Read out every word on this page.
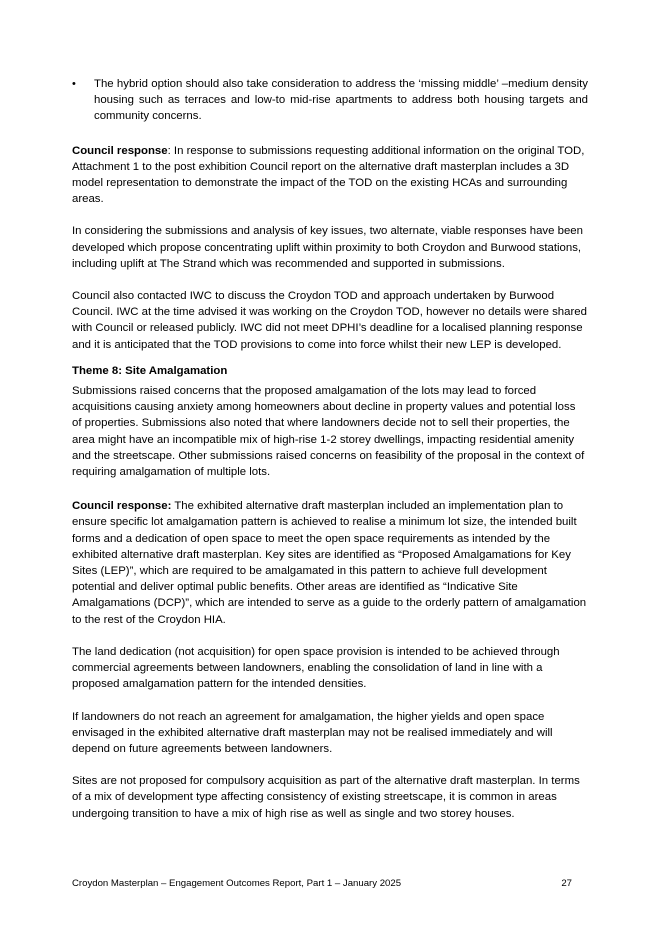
•	The hybrid option should also take consideration to address the ‘missing middle’ –medium density housing such as terraces and low-to mid-rise apartments to address both housing targets and community concerns.

Council response: In response to submissions requesting additional information on the original TOD, Attachment 1 to the post exhibition Council report on the alternative draft masterplan includes a 3D model representation to demonstrate the impact of the TOD on the existing HCAs and surrounding areas.

In considering the submissions and analysis of key issues, two alternate, viable responses have been developed which propose concentrating uplift within proximity to both Croydon and Burwood stations, including uplift at The Strand which was recommended and supported in submissions.

Council also contacted IWC to discuss the Croydon TOD and approach undertaken by Burwood Council. IWC at the time advised it was working on the Croydon TOD, however no details were shared with Council or released publicly. IWC did not meet DPHI’s deadline for a localised planning response and it is anticipated that the TOD provisions to come into force whilst their new LEP is developed.

Theme 8: Site Amalgamation

Submissions raised concerns that the proposed amalgamation of the lots may lead to forced acquisitions causing anxiety among homeowners about decline in property values and potential loss of properties. Submissions also noted that where landowners decide not to sell their properties, the area might have an incompatible mix of high-rise 1-2 storey dwellings, impacting residential amenity and the streetscape. Other submissions raised concerns on feasibility of the proposal in the context of requiring amalgamation of multiple lots.

Council response: The exhibited alternative draft masterplan included an implementation plan to ensure specific lot amalgamation pattern is achieved to realise a minimum lot size, the intended built forms and a dedication of open space to meet the open space requirements as intended by the exhibited alternative draft masterplan. Key sites are identified as “Proposed Amalgamations for Key Sites (LEP)”, which are required to be amalgamated in this pattern to achieve full development potential and deliver optimal public benefits. Other areas are identified as “Indicative Site Amalgamations (DCP)”, which are intended to serve as a guide to the orderly pattern of amalgamation to the rest of the Croydon HIA.

The land dedication (not acquisition) for open space provision is intended to be achieved through commercial agreements between landowners, enabling the consolidation of land in line with a proposed amalgamation pattern for the intended densities.

If landowners do not reach an agreement for amalgamation, the higher yields and open space envisaged in the exhibited alternative draft masterplan may not be realised immediately and will depend on future agreements between landowners.

Sites are not proposed for compulsory acquisition as part of the alternative draft masterplan. In terms of a mix of development type affecting consistency of existing streetscape, it is common in areas undergoing transition to have a mix of high rise as well as single and two storey houses.

Croydon Masterplan – Engagement Outcomes Report, Part 1 – January 2025	27
